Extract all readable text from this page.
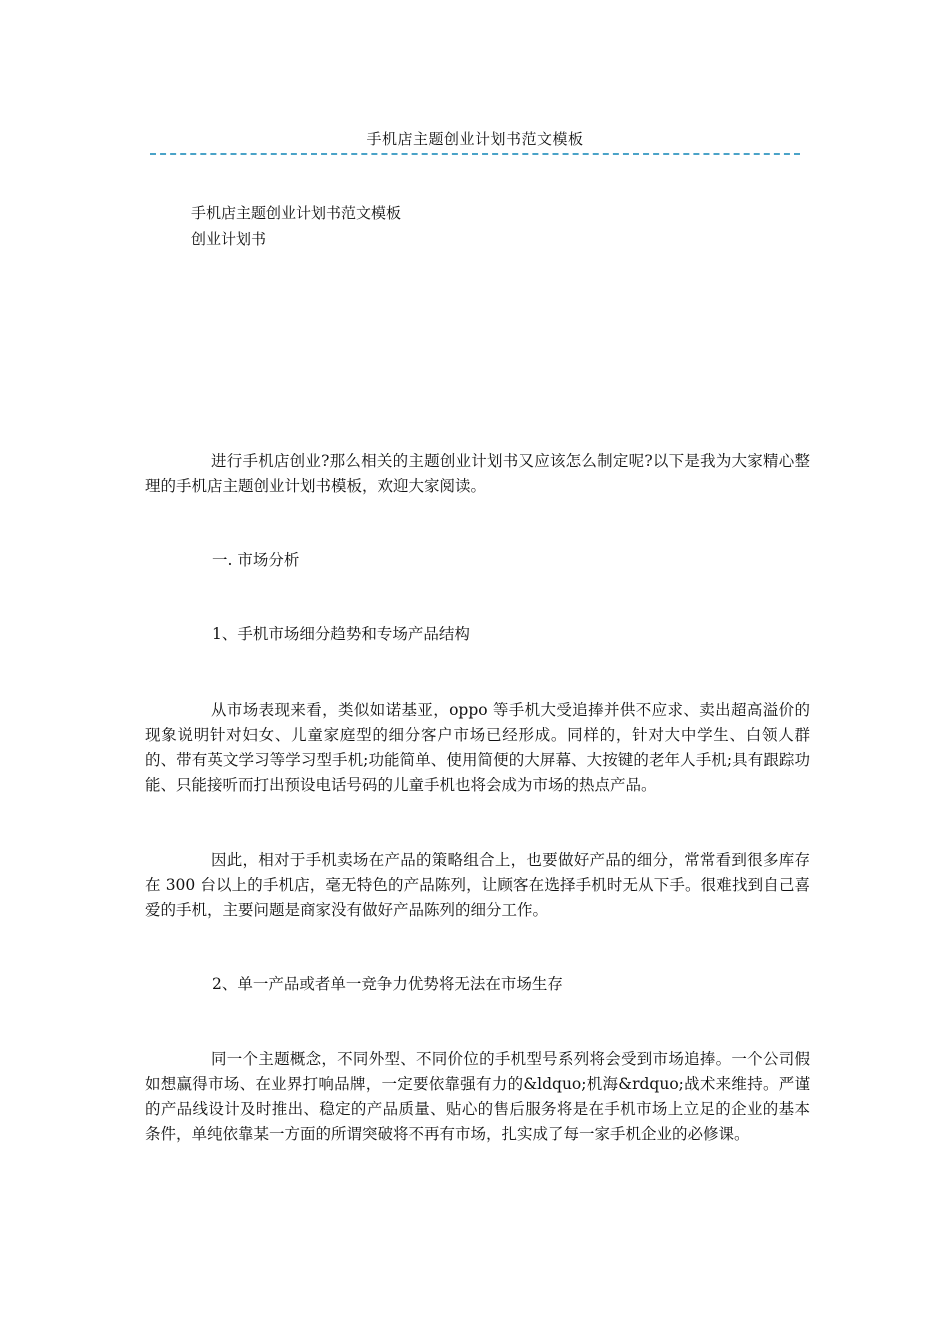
手机店主题创业计划书范文模板
手机店主题创业计划书范文模板
创业计划书

进行手机店创业?那么相关的主题创业计划书又应该怎么制定呢?以下是我为大家精心整理的手机店主题创业计划书模板，欢迎大家阅读。

一. 市场分析
1、手机市场细分趋势和专场产品结构

从市场表现来看，类似如诺基亚，oppo 等手机大受追捧并供不应求、卖出超高溢价的现象说明针对妇女、儿童家庭型的细分客户市场已经形成。同样的，针对大中学生、白领人群的、带有英文学习等学习型手机;功能简单、使用简便的大屏幕、大按键的老年人手机;具有跟踪功能、只能接听而打出预设电话号码的儿童手机也将会成为市场的热点产品。

因此，相对于手机卖场在产品的策略组合上，也要做好产品的细分，常常看到很多库存在 300 台以上的手机店，毫无特色的产品陈列，让顾客在选择手机时无从下手。很难找到自己喜爱的手机，主要问题是商家没有做好产品陈列的细分工作。

2、单一产品或者单一竞争力优势将无法在市场生存

同一个主题概念，不同外型、不同价位的手机型号系列将会受到市场追捧。一个公司假如想赢得市场、在业界打响品牌，一定要依靠强有力的&ldquo;机海&rdquo;战术来维持。严谨的产品线设计及时推出、稳定的产品质量、贴心的售后服务将是在手机市场上立足的企业的基本条件，单纯依靠某一方面的所谓突破将不再有市场，扎实成了每一家手机企业的必修课。
